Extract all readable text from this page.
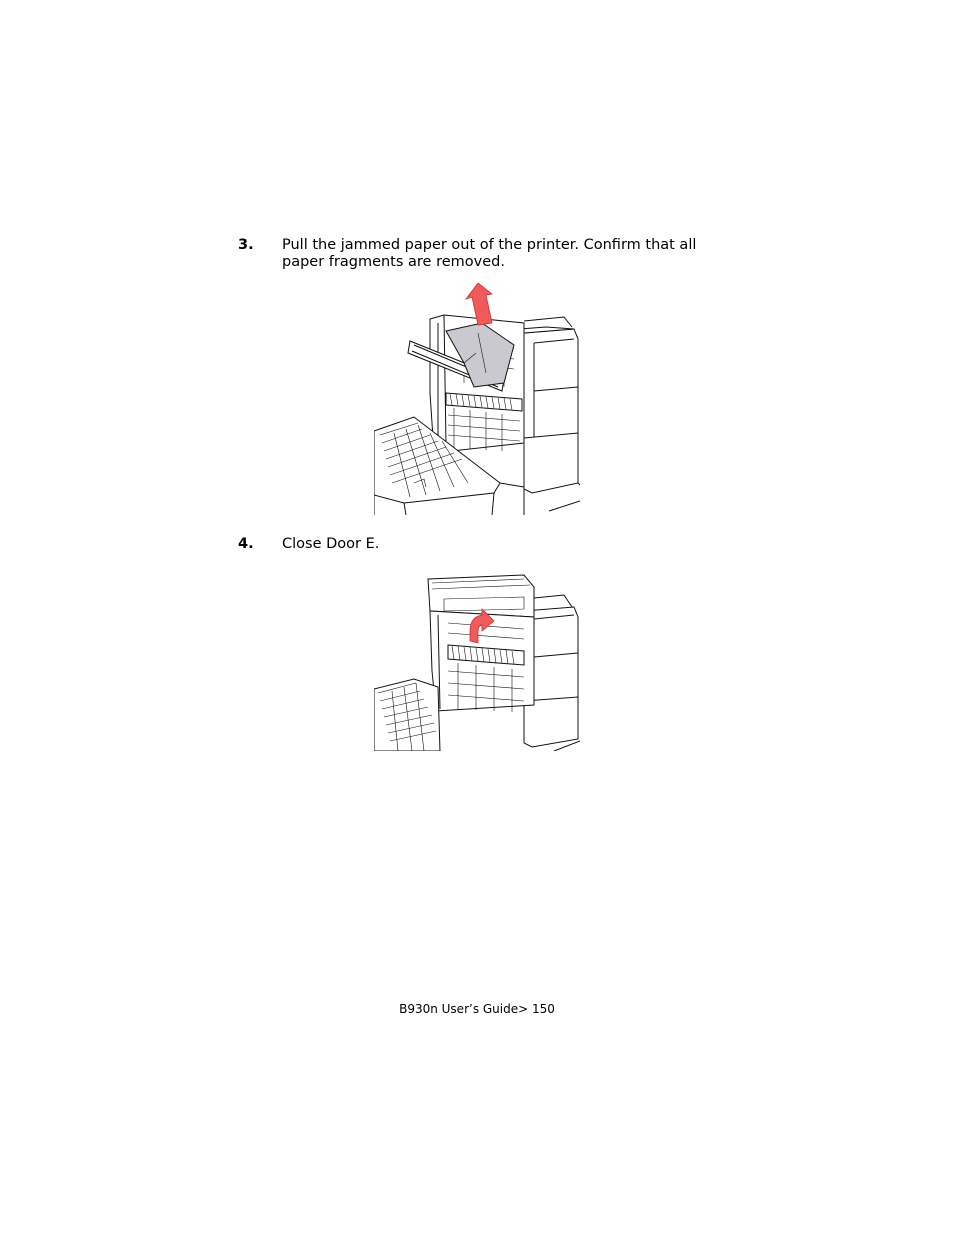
3. Pull the jammed paper out of the printer. Confirm that all paper fragments are removed.
4. Close Door E.
B930n User’s Guide> 150
